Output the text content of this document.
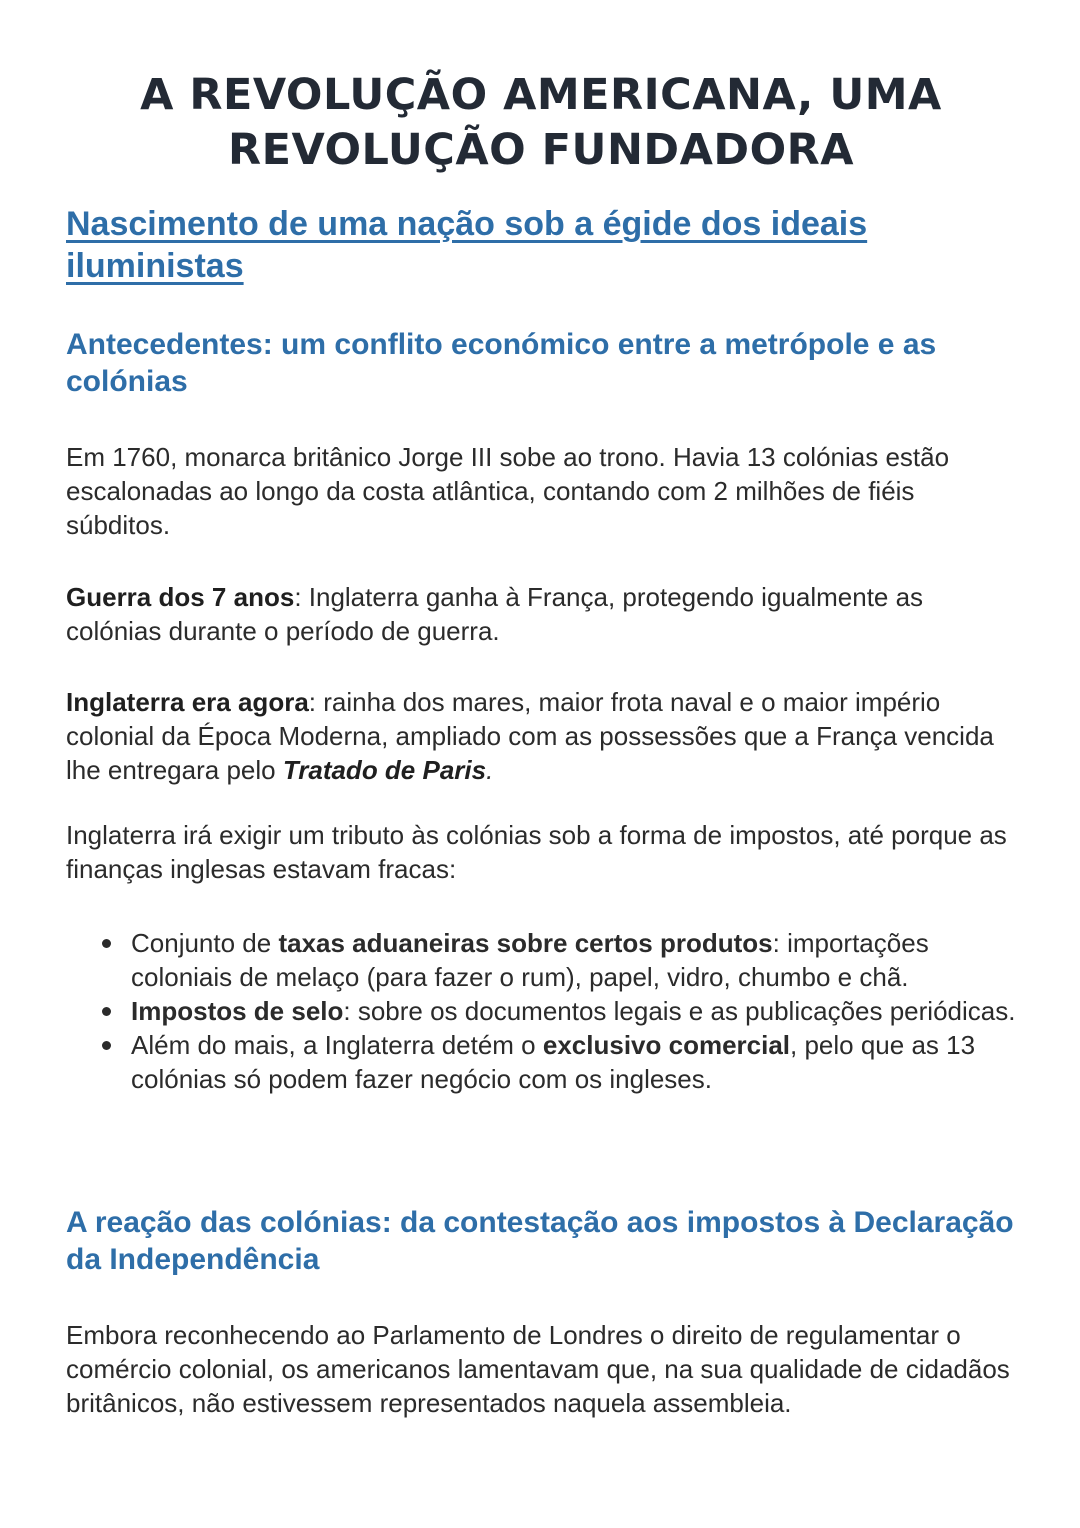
A REVOLUÇÃO AMERICANA, UMA REVOLUÇÃO FUNDADORA
Nascimento de uma nação sob a égide dos ideais iluministas
Antecedentes: um conflito económico entre a metrópole e as colónias

Em 1760, monarca britânico Jorge III sobe ao trono. Havia 13 colónias estão escalonadas ao longo da costa atlântica, contando com 2 milhões de fiéis súbditos.

Guerra dos 7 anos: Inglaterra ganha à França, protegendo igualmente as colónias durante o período de guerra.

Inglaterra era agora: rainha dos mares, maior frota naval e o maior império colonial da Época Moderna, ampliado com as possessões que a França vencida lhe entregara pelo Tratado de Paris.

Inglaterra irá exigir um tributo às colónias sob a forma de impostos, até porque as finanças inglesas estavam fracas:

Conjunto de taxas aduaneiras sobre certos produtos: importações coloniais de melaço (para fazer o rum), papel, vidro, chumbo e chã.
Impostos de selo: sobre os documentos legais e as publicações periódicas.
Além do mais, a Inglaterra detém o exclusivo comercial, pelo que as 13 colónias só podem fazer negócio com os ingleses.
A reação das colónias: da contestação aos impostos à Declaração da Independência

Embora reconhecendo ao Parlamento de Londres o direito de regulamentar o comércio colonial, os americanos lamentavam que, na sua qualidade de cidadãos britânicos, não estivessem representados naquela assembleia.
